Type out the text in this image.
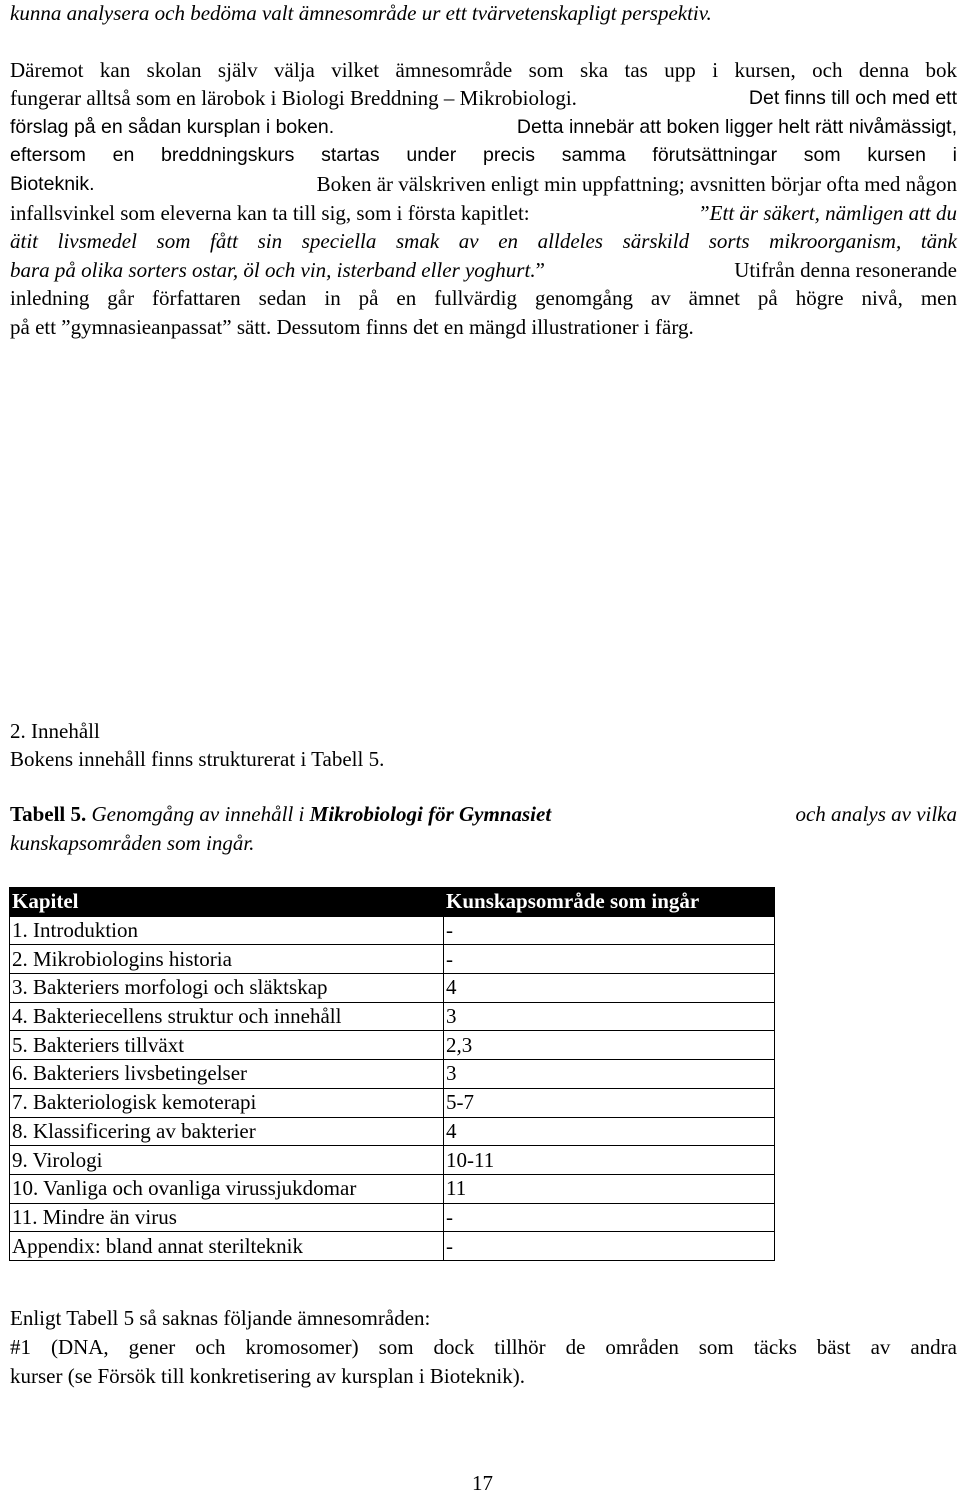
kunna analysera och bedöma valt ämnesområde ur ett tvärvetenskapligt perspektiv.
Däremot kan skolan själv välja vilket ämnesområde som ska tas upp i kursen, och denna bok
fungerar alltså som en lärobok i Biologi Breddning – Mikrobiologi.	Det finns till och med ett
förslag på en sådan kursplan i boken.	Detta innebär att boken ligger helt rätt nivåmässigt,
eftersom en breddningskurs startas under precis samma förutsättningar som kursen i
Bioteknik.	Boken är välskriven enligt min uppfattning; avsnitten börjar ofta med någon
infallsvinkel som eleverna kan ta till sig, som i första kapitlet:	”Ett är säkert, nämligen att du
ätit livsmedel som fått sin speciella smak av en alldeles särskild sorts mikroorganism, tänk
bara på olika sorters ostar, öl och vin, isterband eller yoghurt.”	Utifrån denna resonerande
inledning går författaren sedan in på en fullvärdig genomgång av ämnet på högre nivå, men
på ett ”gymnasieanpassat” sätt. Dessutom finns det en mängd illustrationer i färg.
2. Innehåll
Bokens innehåll finns strukturerat i Tabell 5.
Tabell 5. Genomgång av innehåll i Mikrobiologi för Gymnasiet	och analys av vilka
kunskapsområden som ingår.
Kapitel	Kunskapsområde som ingår
1. Introduktion	-
2. Mikrobiologins historia	-
3. Bakteriers morfologi och släktskap	4
4. Bakteriecellens struktur och innehåll	3
5. Bakteriers tillväxt	2,3
6. Bakteriers livsbetingelser	3
7. Bakteriologisk kemoterapi	5-7
8. Klassificering av bakterier	4
9. Virologi	10-11
10. Vanliga och ovanliga virussjukdomar	11
11. Mindre än virus	-
Appendix: bland annat sterilteknik	-
Enligt Tabell 5 så saknas följande ämnesområden:
#1 (DNA, gener och kromosomer) som dock tillhör de områden som täcks bäst av andra
kurser (se Försök till konkretisering av kursplan i Bioteknik).
17
